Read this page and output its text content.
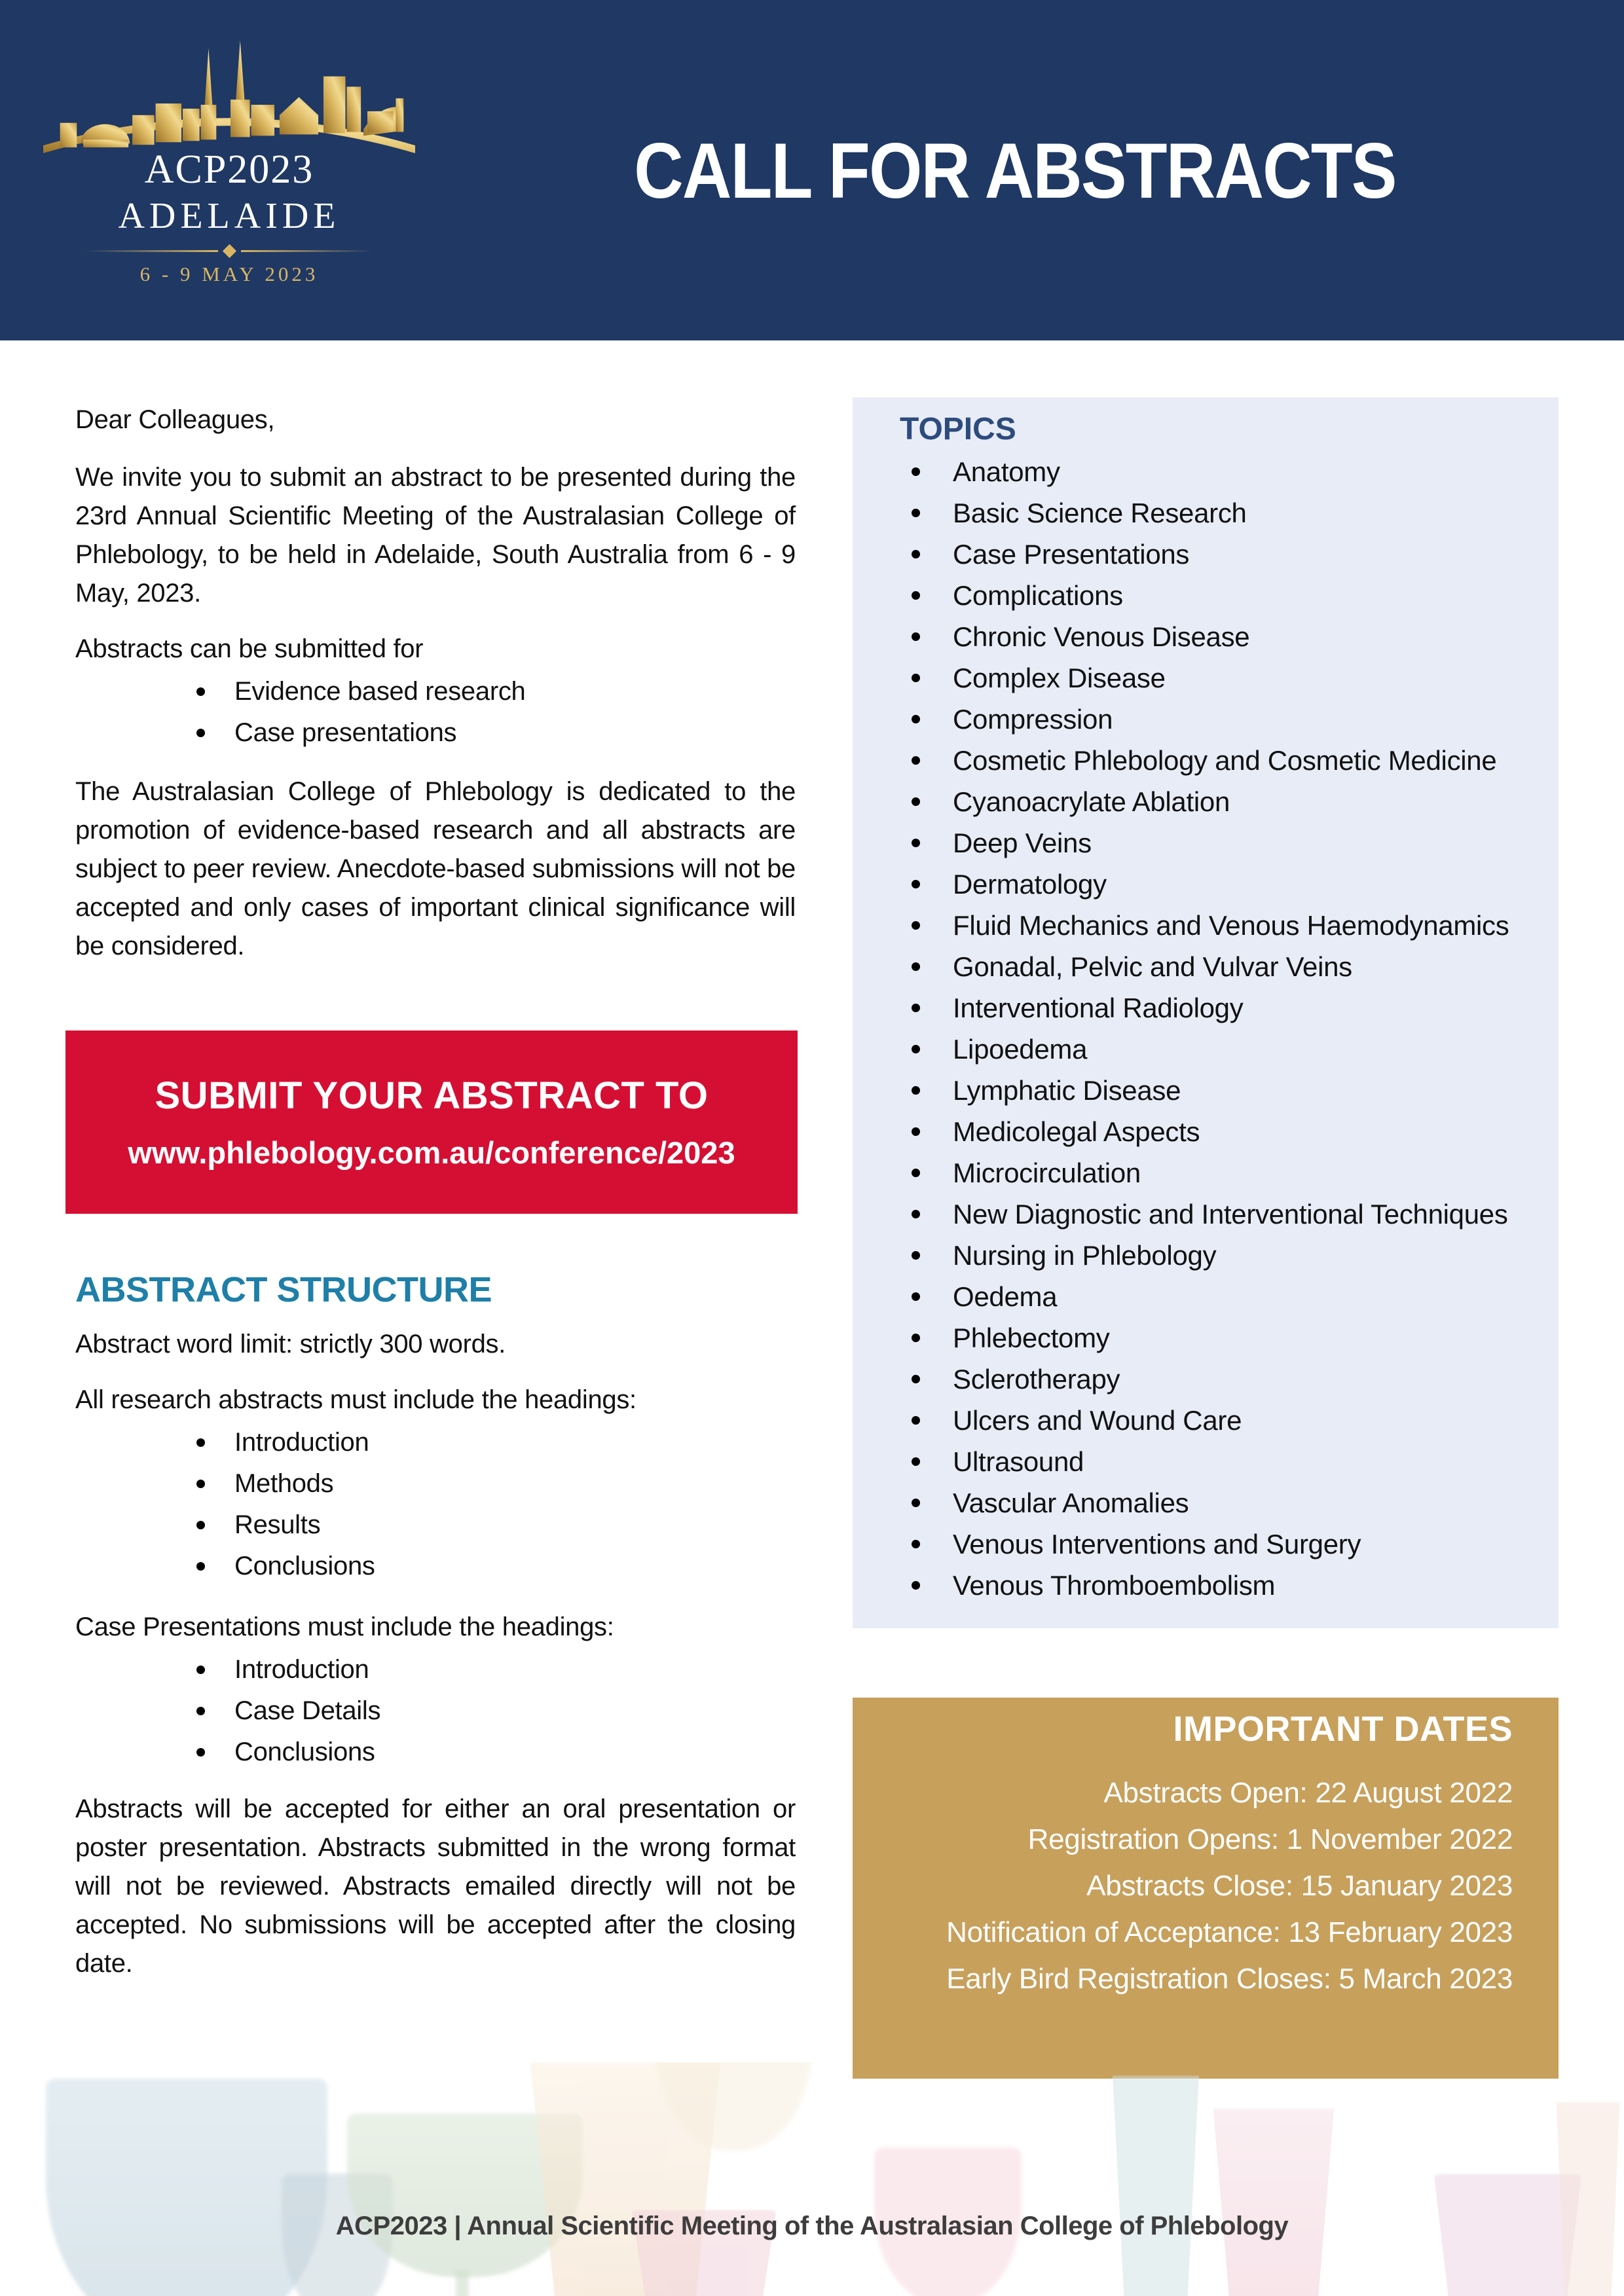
ACP2023
ADELAIDE
6 - 9 MAY 2023
CALL FOR ABSTRACTS

Dear Colleagues,

We invite you to submit an abstract to be presented during the 23rd Annual Scientific Meeting of the Australasian College of Phlebology, to be held in Adelaide, South Australia from 6 - 9 May, 2023.

Abstracts can be submitted for

Evidence based research
Case presentations

The Australasian College of Phlebology is dedicated to the promotion of evidence-based research and all abstracts are subject to peer review. Anecdote-based submissions will not be accepted and only cases of important clinical significance will be considered.

SUBMIT YOUR ABSTRACT TO
www.phlebology.com.au/conference/2023
ABSTRACT STRUCTURE

Abstract word limit: strictly 300 words.

All research abstracts must include the headings:

Introduction
Methods
Results
Conclusions

Case Presentations must include the headings:

Introduction
Case Details
Conclusions

Abstracts will be accepted for either an oral presentation or poster presentation. Abstracts submitted in the wrong format will not be reviewed. Abstracts emailed directly will not be accepted. No submissions will be accepted after the closing date.

TOPICS
Anatomy
Basic Science Research
Case Presentations
Complications
Chronic Venous Disease
Complex Disease
Compression
Cosmetic Phlebology and Cosmetic Medicine
Cyanoacrylate Ablation
Deep Veins
Dermatology
Fluid Mechanics and Venous Haemodynamics
Gonadal, Pelvic and Vulvar Veins
Interventional Radiology
Lipoedema
Lymphatic Disease
Medicolegal Aspects
Microcirculation
New Diagnostic and Interventional Techniques
Nursing in Phlebology
Oedema
Phlebectomy
Sclerotherapy
Ulcers and Wound Care
Ultrasound
Vascular Anomalies
Venous Interventions and Surgery
Venous Thromboembolism
IMPORTANT DATES
Abstracts Open: 22 August 2022
Registration Opens: 1 November 2022
Abstracts Close: 15 January 2023
Notification of Acceptance: 13 February 2023
Early Bird Registration Closes: 5 March 2023

ACP2023 | Annual Scientific Meeting of the Australasian College of Phlebology
